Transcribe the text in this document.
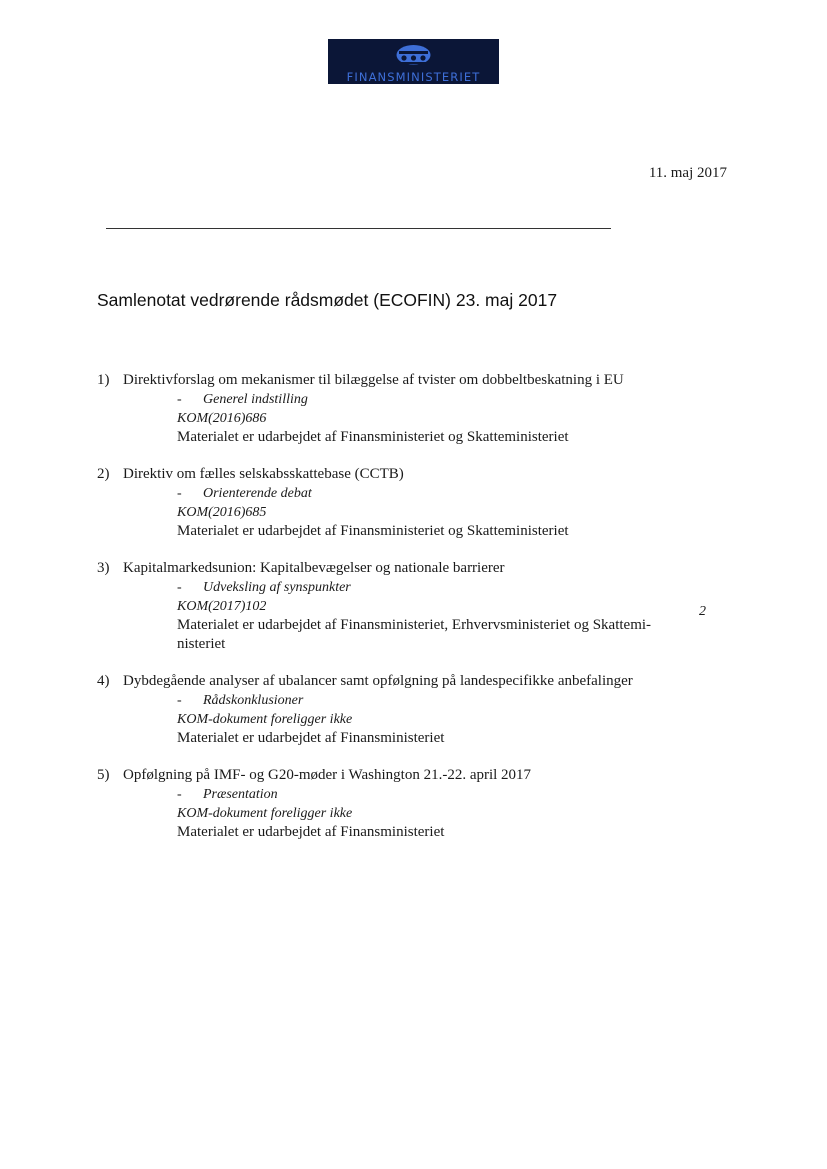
FINANSMINISTERIET
11. maj 2017
Samlenotat vedrørende rådsmødet (ECOFIN) 23. maj 2017
1) Direktivforslag om mekanismer til bilæggelse af tvister om dobbeltbeskatning i EU
-	Generel indstilling
KOM(2016)686
Materialet er udarbejdet af Finansministeriet og Skatteministeriet
2) Direktiv om fælles selskabsskattebase (CCTB)
-	Orienterende debat
KOM(2016)685
Materialet er udarbejdet af Finansministeriet og Skatteministeriet
3) Kapitalmarkedsunion: Kapitalbevægelser og nationale barrierer
-	Udveksling af synspunkter
KOM(2017)102
Materialet er udarbejdet af Finansministeriet, Erhvervsministeriet og Skattemi-nisteriet
4) Dybdegående analyser af ubalancer samt opfølgning på landespecifikke anbefalinger
-	Rådskonklusioner
KOM-dokument foreligger ikke
Materialet er udarbejdet af Finansministeriet
5) Opfølgning på IMF- og G20-møder i Washington 21.-22. april 2017
-	Præsentation
KOM-dokument foreligger ikke
Materialet er udarbejdet af Finansministeriet
2
